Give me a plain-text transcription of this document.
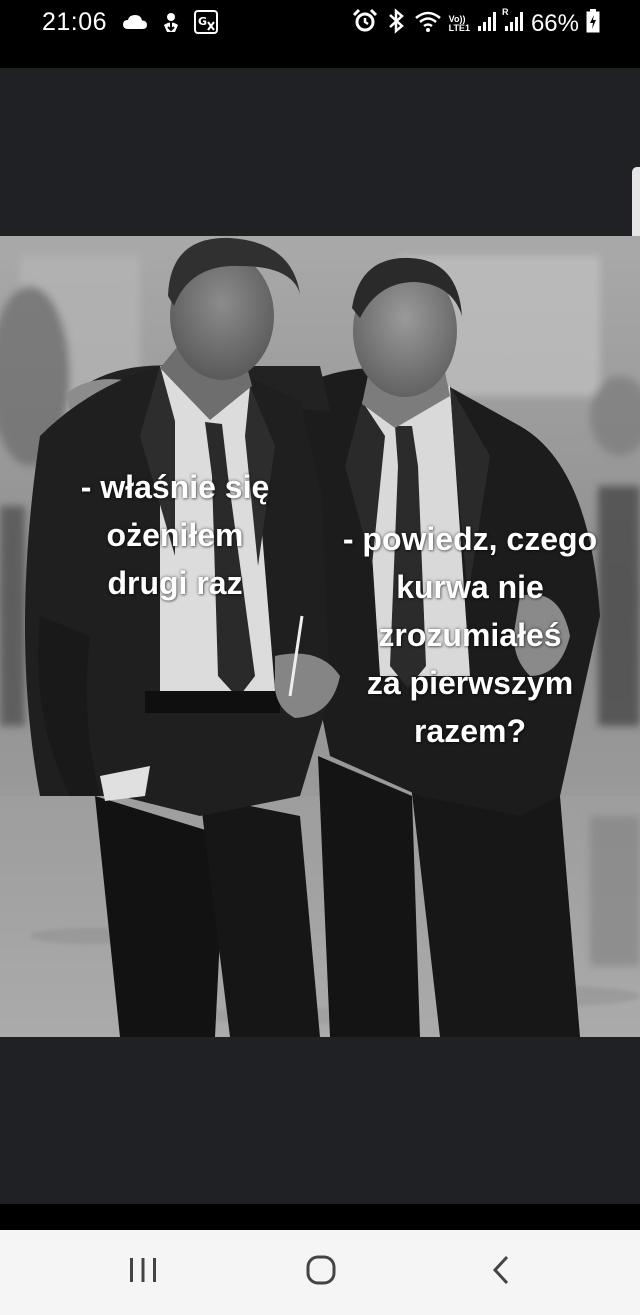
21:06	G	Vo))
LTE1
R 66%
- właśnie się
ożeniłem
drugi raz
- powiedz, czego
kurwa nie
zrozumiałeś
za pierwszym
razem?
